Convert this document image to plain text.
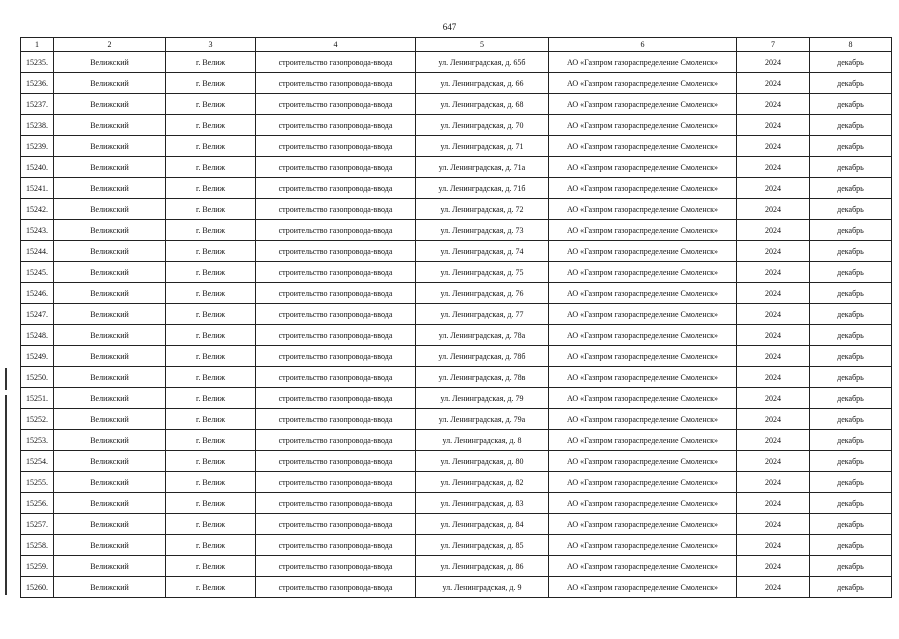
647
1	2	3	4	5	6	7	8
15235.	Велижский	г. Велиж	строительство газопровода-ввода	ул. Ленинградская, д. 65б	АО «Газпром газораспределение Смоленск»	2024	декабрь
15236.	Велижский	г. Велиж	строительство газопровода-ввода	ул. Ленинградская, д. 66	АО «Газпром газораспределение Смоленск»	2024	декабрь
15237.	Велижский	г. Велиж	строительство газопровода-ввода	ул. Ленинградская, д. 68	АО «Газпром газораспределение Смоленск»	2024	декабрь
15238.	Велижский	г. Велиж	строительство газопровода-ввода	ул. Ленинградская, д. 70	АО «Газпром газораспределение Смоленск»	2024	декабрь
15239.	Велижский	г. Велиж	строительство газопровода-ввода	ул. Ленинградская, д. 71	АО «Газпром газораспределение Смоленск»	2024	декабрь
15240.	Велижский	г. Велиж	строительство газопровода-ввода	ул. Ленинградская, д. 71а	АО «Газпром газораспределение Смоленск»	2024	декабрь
15241.	Велижский	г. Велиж	строительство газопровода-ввода	ул. Ленинградская, д. 71б	АО «Газпром газораспределение Смоленск»	2024	декабрь
15242.	Велижский	г. Велиж	строительство газопровода-ввода	ул. Ленинградская, д. 72	АО «Газпром газораспределение Смоленск»	2024	декабрь
15243.	Велижский	г. Велиж	строительство газопровода-ввода	ул. Ленинградская, д. 73	АО «Газпром газораспределение Смоленск»	2024	декабрь
15244.	Велижский	г. Велиж	строительство газопровода-ввода	ул. Ленинградская, д. 74	АО «Газпром газораспределение Смоленск»	2024	декабрь
15245.	Велижский	г. Велиж	строительство газопровода-ввода	ул. Ленинградская, д. 75	АО «Газпром газораспределение Смоленск»	2024	декабрь
15246.	Велижский	г. Велиж	строительство газопровода-ввода	ул. Ленинградская, д. 76	АО «Газпром газораспределение Смоленск»	2024	декабрь
15247.	Велижский	г. Велиж	строительство газопровода-ввода	ул. Ленинградская, д. 77	АО «Газпром газораспределение Смоленск»	2024	декабрь
15248.	Велижский	г. Велиж	строительство газопровода-ввода	ул. Ленинградская, д. 78а	АО «Газпром газораспределение Смоленск»	2024	декабрь
15249.	Велижский	г. Велиж	строительство газопровода-ввода	ул. Ленинградская, д. 78б	АО «Газпром газораспределение Смоленск»	2024	декабрь
15250.	Велижский	г. Велиж	строительство газопровода-ввода	ул. Ленинградская, д. 78в	АО «Газпром газораспределение Смоленск»	2024	декабрь
15251.	Велижский	г. Велиж	строительство газопровода-ввода	ул. Ленинградская, д. 79	АО «Газпром газораспределение Смоленск»	2024	декабрь
15252.	Велижский	г. Велиж	строительство газопровода-ввода	ул. Ленинградская, д. 79а	АО «Газпром газораспределение Смоленск»	2024	декабрь
15253.	Велижский	г. Велиж	строительство газопровода-ввода	ул. Ленинградская, д. 8	АО «Газпром газораспределение Смоленск»	2024	декабрь
15254.	Велижский	г. Велиж	строительство газопровода-ввода	ул. Ленинградская, д. 80	АО «Газпром газораспределение Смоленск»	2024	декабрь
15255.	Велижский	г. Велиж	строительство газопровода-ввода	ул. Ленинградская, д. 82	АО «Газпром газораспределение Смоленск»	2024	декабрь
15256.	Велижский	г. Велиж	строительство газопровода-ввода	ул. Ленинградская, д. 83	АО «Газпром газораспределение Смоленск»	2024	декабрь
15257.	Велижский	г. Велиж	строительство газопровода-ввода	ул. Ленинградская, д. 84	АО «Газпром газораспределение Смоленск»	2024	декабрь
15258.	Велижский	г. Велиж	строительство газопровода-ввода	ул. Ленинградская, д. 85	АО «Газпром газораспределение Смоленск»	2024	декабрь
15259.	Велижский	г. Велиж	строительство газопровода-ввода	ул. Ленинградская, д. 86	АО «Газпром газораспределение Смоленск»	2024	декабрь
15260.	Велижский	г. Велиж	строительство газопровода-ввода	ул. Ленинградская, д. 9	АО «Газпром газораспределение Смоленск»	2024	декабрь
